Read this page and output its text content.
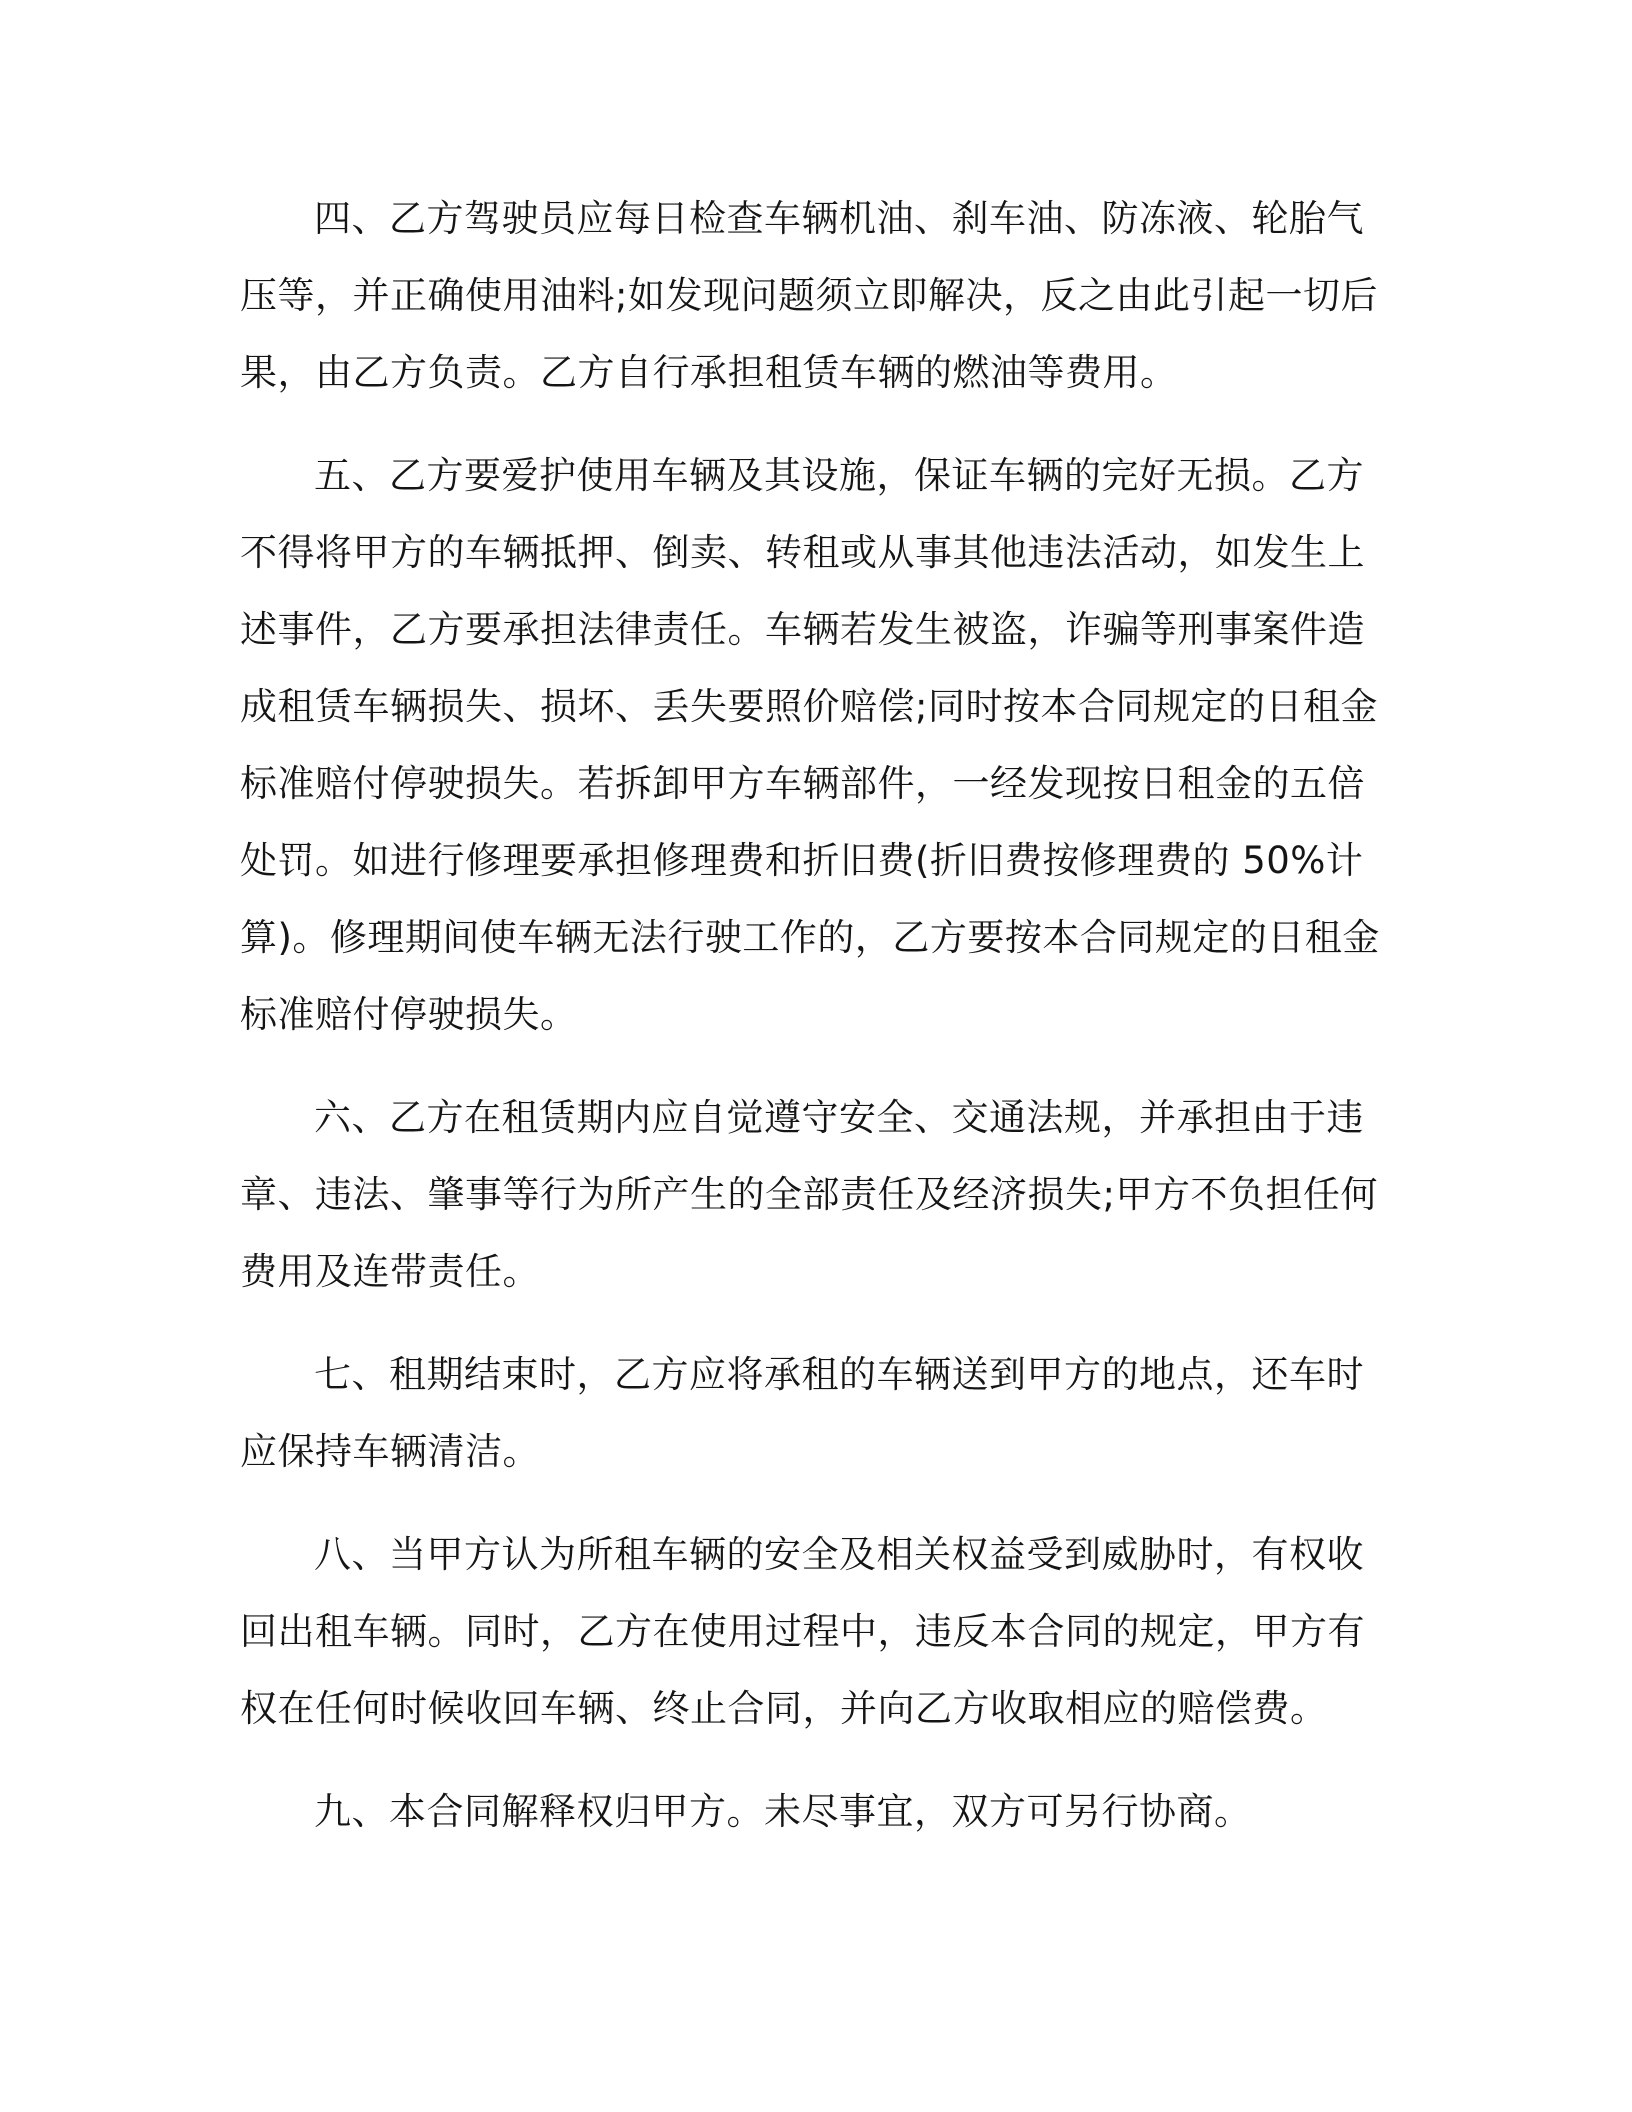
四、乙方驾驶员应每日检查车辆机油、刹车油、防冻液、轮胎气

压等，并正确使用油料;如发现问题须立即解决，反之由此引起一切后

果，由乙方负责。乙方自行承担租赁车辆的燃油等费用。

五、乙方要爱护使用车辆及其设施，保证车辆的完好无损。乙方

不得将甲方的车辆抵押、倒卖、转租或从事其他违法活动，如发生上

述事件，乙方要承担法律责任。车辆若发生被盗，诈骗等刑事案件造

成租赁车辆损失、损坏、丢失要照价赔偿;同时按本合同规定的日租金

标准赔付停驶损失。若拆卸甲方车辆部件，一经发现按日租金的五倍

处罚。如进行修理要承担修理费和折旧费(折旧费按修理费的 50%计

算)。修理期间使车辆无法行驶工作的，乙方要按本合同规定的日租金

标准赔付停驶损失。

六、乙方在租赁期内应自觉遵守安全、交通法规，并承担由于违

章、违法、肇事等行为所产生的全部责任及经济损失;甲方不负担任何

费用及连带责任。

七、租期结束时，乙方应将承租的车辆送到甲方的地点，还车时

应保持车辆清洁。

八、当甲方认为所租车辆的安全及相关权益受到威胁时，有权收

回出租车辆。同时，乙方在使用过程中，违反本合同的规定，甲方有

权在任何时候收回车辆、终止合同，并向乙方收取相应的赔偿费。

九、本合同解释权归甲方。未尽事宜，双方可另行协商。
